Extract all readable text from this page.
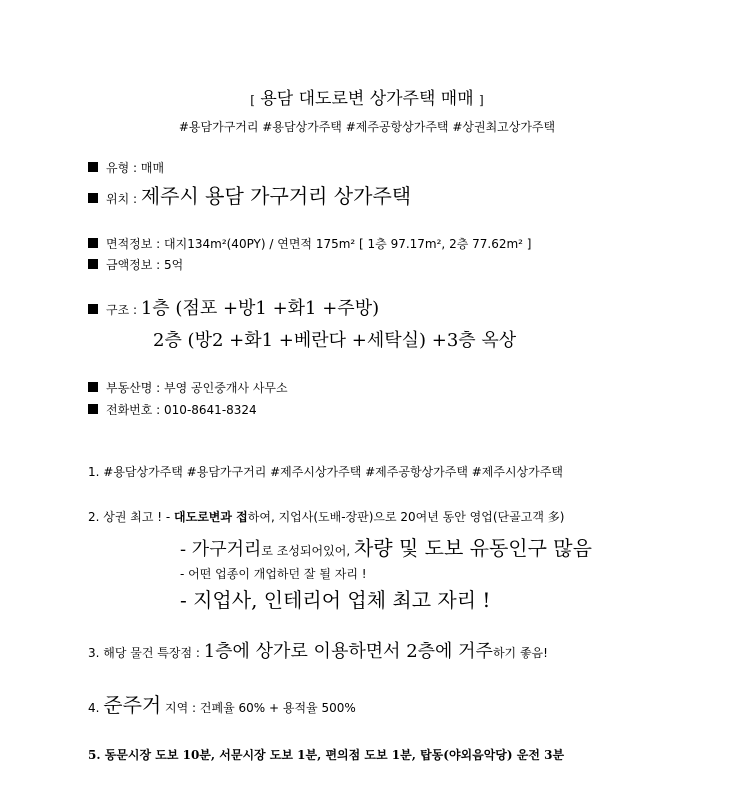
[ 용담 대도로변 상가주택 매매 ]
#용담가구거리 #용담상가주택 #제주공항상가주택 #상권최고상가주택
유형 : 매매
위치 : 제주시 용담 가구거리 상가주택
면적정보 : 대지134m²(40PY) / 연면적 175m² [ 1층 97.17m², 2층 77.62m² ]
금액정보 : 5억
구조 : 1층 (점포 +방1 +화1 +주방)
2층 (방2 +화1 +베란다 +세탁실) +3층 옥상
부동산명 : 부영 공인중개사 사무소
전화번호 : 010-8641-8324
1. #용담상가주택 #용담가구거리 #제주시상가주택 #제주공항상가주택 #제주시상가주택
2. 상권 최고 ! - 대도로변과 접하여, 지업사(도배-장판)으로 20여년 동안 영업(단골고객 多)
- 가구거리로 조성되어있어, 차량 및 도보 유동인구 많음
- 어떤 업종이 개업하던 잘 될 자리 !
- 지업사, 인테리어 업체 최고 자리 !
3. 해당 물건 특장점 : 1층에 상가로 이용하면서 2층에 거주하기 좋음!
4. 준주거 지역 : 건폐율 60% + 용적율 500%
5. 동문시장 도보 10분, 서문시장 도보 1분, 편의점 도보 1분, 탑동(야외음악당) 운전 3분
